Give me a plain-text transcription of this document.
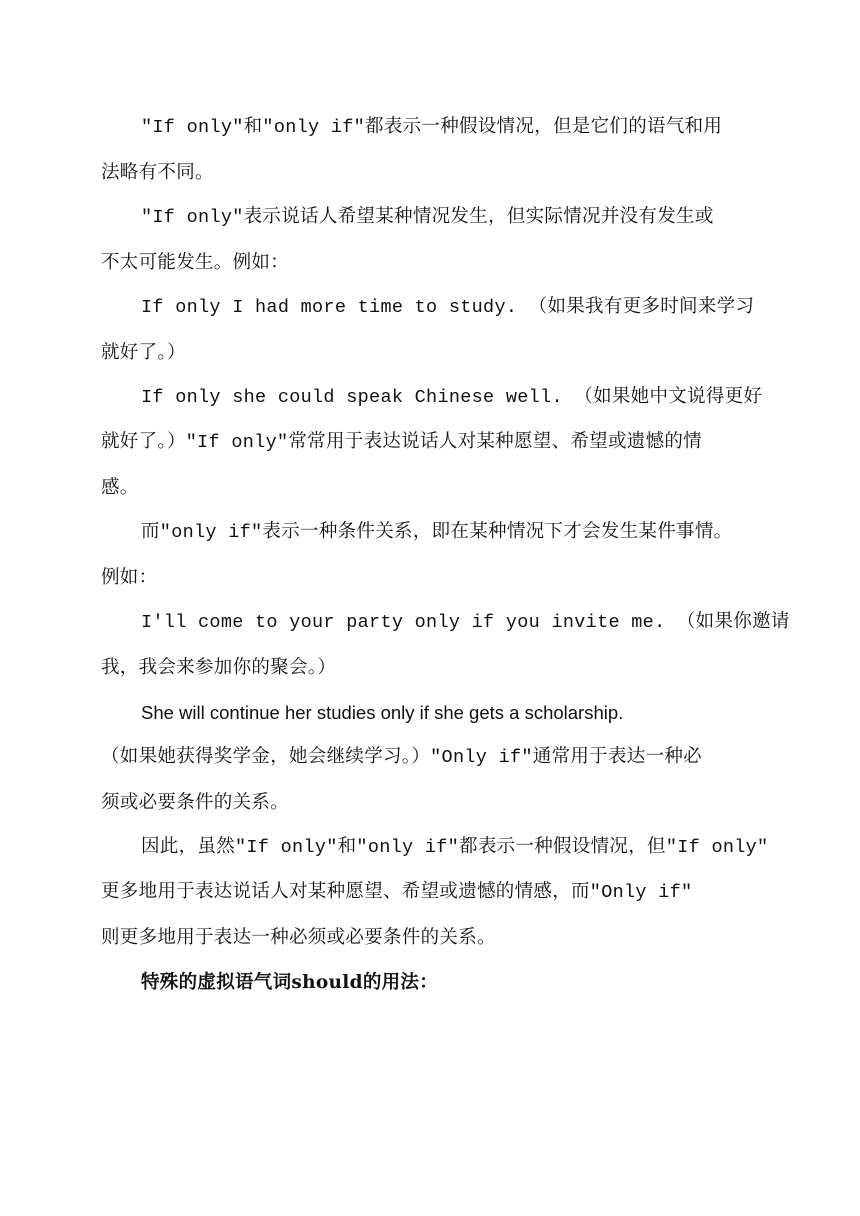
"If only"和"only if"都表示一种假设情况，但是它们的语气和用
法略有不同。
"If only"表示说话人希望某种情况发生，但实际情况并没有发生或
不太可能发生。例如：
If only I had more time to study. （如果我有更多时间来学习
就好了。）
If only she could speak Chinese well. （如果她中文说得更好
就好了。）"If only"常常用于表达说话人对某种愿望、希望或遗憾的情
感。
而"only if"表示一种条件关系，即在某种情况下才会发生某件事情。
例如：
I'll come to your party only if you invite me. （如果你邀请
我，我会来参加你的聚会。）
She will continue her studies only if she gets a scholarship.
（如果她获得奖学金，她会继续学习。）"Only if"通常用于表达一种必
须或必要条件的关系。
因此，虽然"If only"和"only if"都表示一种假设情况，但"If only"
更多地用于表达说话人对某种愿望、希望或遗憾的情感，而"Only if"
则更多地用于表达一种必须或必要条件的关系。
特殊的虚拟语气词should的用法：
